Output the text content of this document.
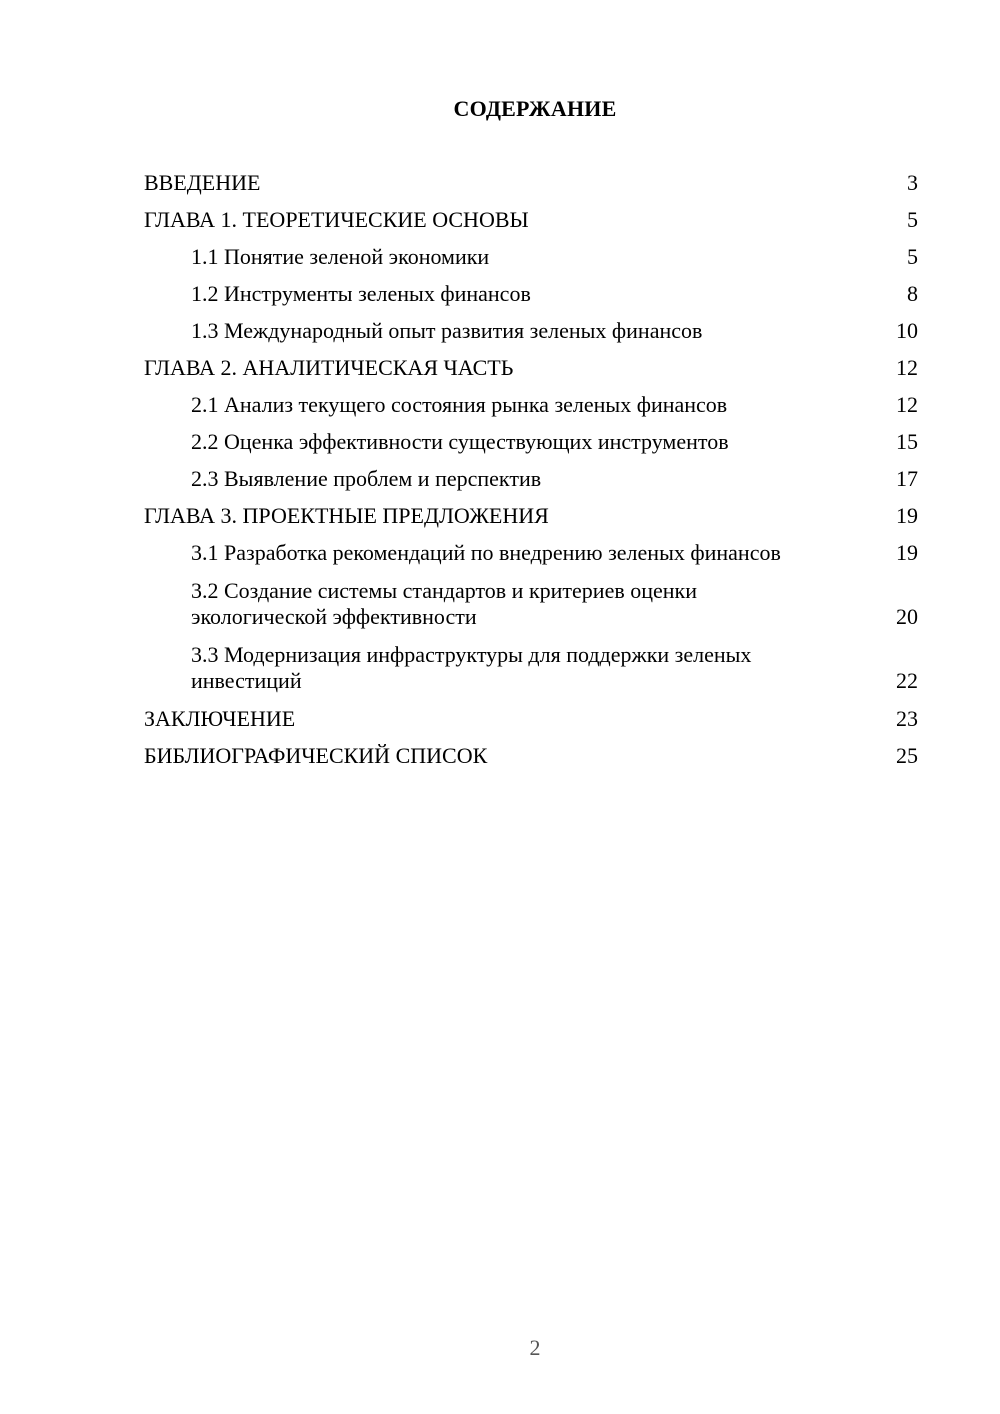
СОДЕРЖАНИЕ
ВВЕДЕНИЕ	3
ГЛАВА 1. ТЕОРЕТИЧЕСКИЕ ОСНОВЫ	5
1.1 Понятие зеленой экономики	5
1.2 Инструменты зеленых финансов	8
1.3 Международный опыт развития зеленых финансов	10
ГЛАВА 2. АНАЛИТИЧЕСКАЯ ЧАСТЬ	12
2.1 Анализ текущего состояния рынка зеленых финансов	12
2.2 Оценка эффективности существующих инструментов	15
2.3 Выявление проблем и перспектив	17
ГЛАВА 3. ПРОЕКТНЫЕ ПРЕДЛОЖЕНИЯ	19
3.1 Разработка рекомендаций по внедрению зеленых финансов	19
3.2 Создание системы стандартов и критериев оценки экологической эффективности	20
3.3 Модернизация инфраструктуры для поддержки зеленых инвестиций	22
ЗАКЛЮЧЕНИЕ	23
БИБЛИОГРАФИЧЕСКИЙ СПИСОК	25
2
